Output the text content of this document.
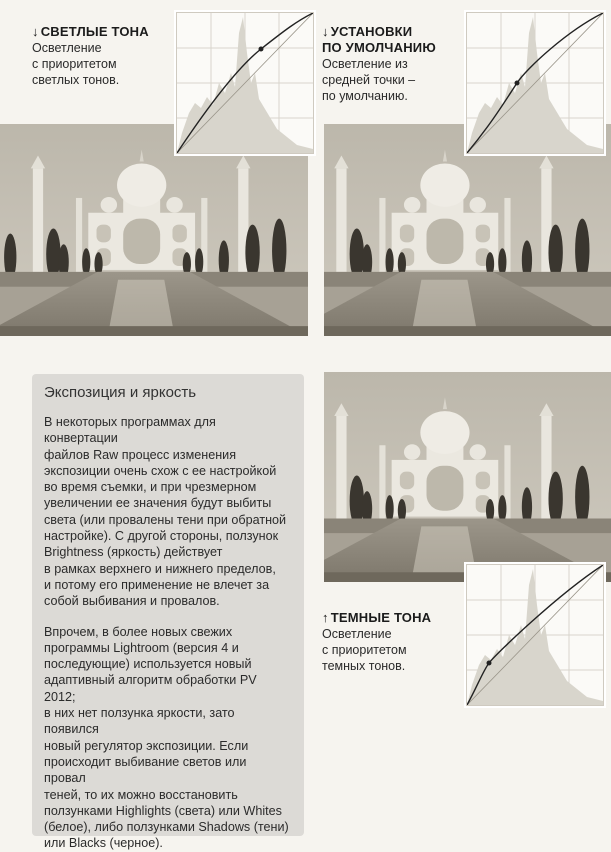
↓ СВЕТЛЫЕ ТОНА
Осветление
с приоритетом
светлых тонов.
↓ УСТАНОВКИ
ПО УМОЛЧАНИЮ
Осветление из
средней точки –
по умолчанию.
↑ ТЕМНЫЕ ТОНА
Осветление
с приоритетом
темных тонов.
Экспозиция и яркость

В некоторых программах для конвертации
файлов Raw процесс изменения
экспозиции очень схож с ее настройкой
во время съемки, и при чрезмерном
увеличении ее значения будут выбиты
света (или провалены тени при обратной
настройке). С другой стороны, ползунок
Brightness (яркость) действует
в рамках верхнего и нижнего пределов,
и потому его применение не влечет за
собой выбивания и провалов.

Впрочем, в более новых свежих
программы Lightroom (версия 4 и
последующие) используется новый
адаптивный алгоритм обработки PV 2012;
в них нет ползунка яркости, зато появился
новый регулятор экспозиции. Если
происходит выбивание светов или провал
теней, то их можно восстановить
ползунками Highlights (света) или Whites
(белое), либо ползунками Shadows (тени)
или Blacks (черное).
